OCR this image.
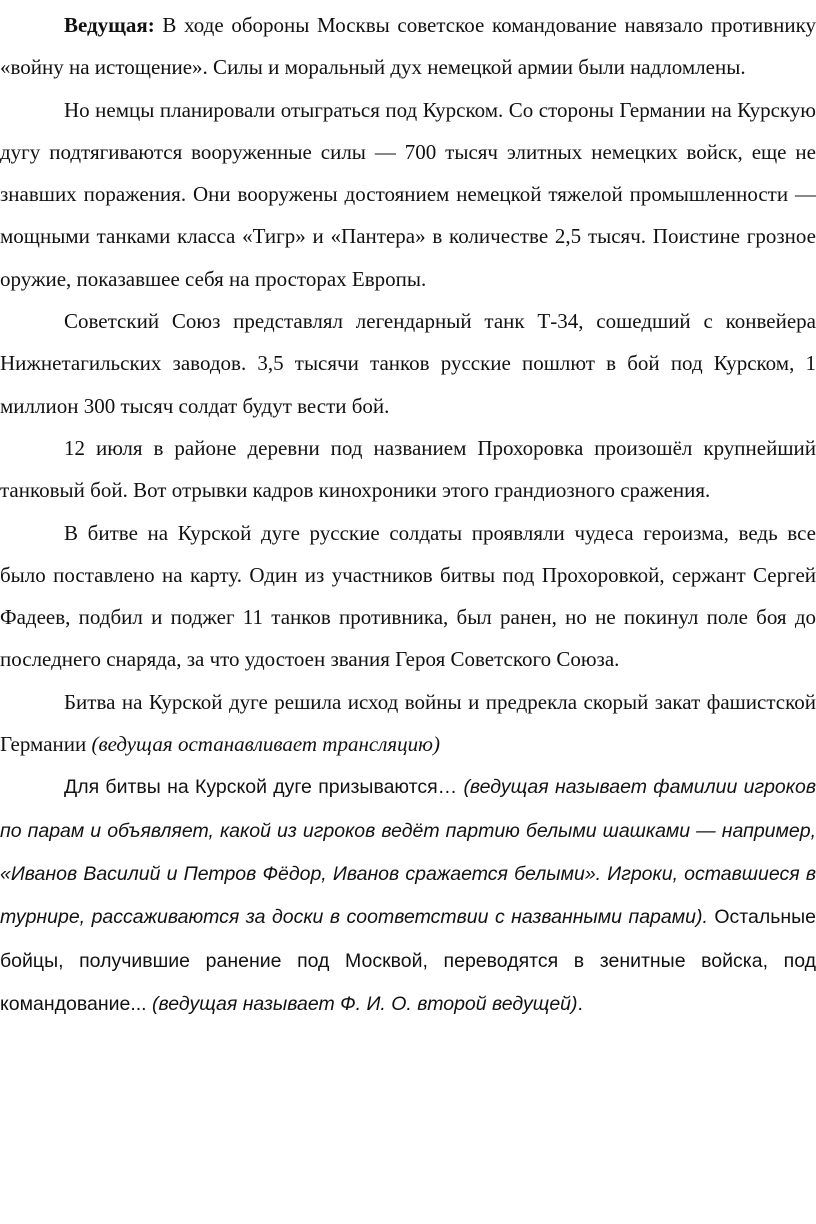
Ведущая: В ходе обороны Москвы советское командование навязало противнику «войну на истощение». Силы и моральный дух немецкой армии были надломлены.

Но немцы планировали отыграться под Курском. Со стороны Германии на Курскую дугу подтягиваются вооруженные силы — 700 тысяч элитных немецких войск, еще не знавших поражения. Они вооружены достоянием немецкой тяжелой промышленности — мощными танками класса «Тигр» и «Пантера» в количестве 2,5 тысяч. Поистине грозное оружие, показавшее себя на просторах Европы.

Советский Союз представлял легендарный танк Т-34, сошедший с конвейера Нижнетагильских заводов. 3,5 тысячи танков русские пошлют в бой под Курском, 1 миллион 300 тысяч солдат будут вести бой.

12 июля в районе деревни под названием Прохоровка произошёл крупнейший танковый бой. Вот отрывки кадров кинохроники этого грандиозного сражения.

В битве на Курской дуге русские солдаты проявляли чудеса героизма, ведь все было поставлено на карту. Один из участников битвы под Прохоровкой, сержант Сергей Фадеев, подбил и поджег 11 танков противника, был ранен, но не покинул поле боя до последнего снаряда, за что удостоен звания Героя Советского Союза.

Битва на Курской дуге решила исход войны и предрекла скорый закат фашистской Германии (ведущая останавливает трансляцию)

Для битвы на Курской дуге призываются… (ведущая называет фамилии игроков по парам и объявляет, какой из игроков ведёт партию белыми шашками — например, «Иванов Василий и Петров Фёдор, Иванов сражается белыми». Игроки, оставшиеся в турнире, рассаживаются за доски в соответствии с названными парами). Остальные бойцы, получившие ранение под Москвой, переводятся в зенитные войска, под командование... (ведущая называет Ф. И. О. второй ведущей).
